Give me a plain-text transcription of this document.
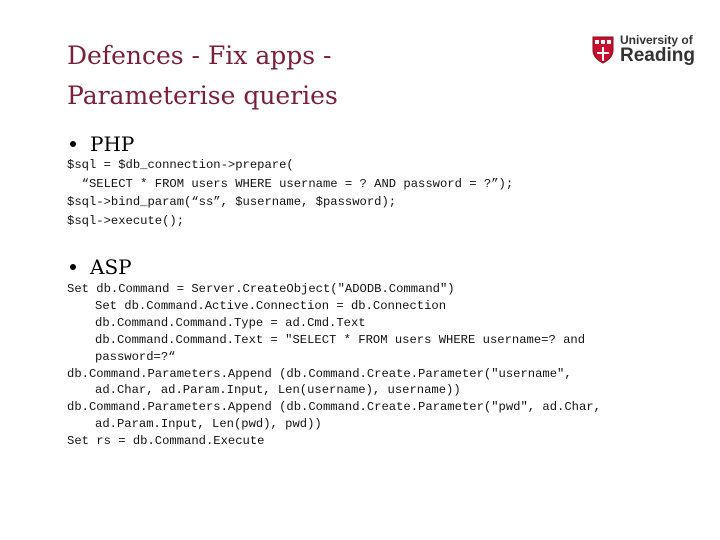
Defences - Fix apps -
Parameterise queries
University of
Reading
PHP
$sql = $db_connection->prepare(
“SELECT * FROM users WHERE username = ? AND password = ?”);
$sql->bind_param(“ss”, $username, $password);
$sql->execute();
ASP
Set db.Command = Server.CreateObject("ADODB.Command")
Set db.Command.Active.Connection = db.Connection
db.Command.Command.Type = ad.Cmd.Text
db.Command.Command.Text = "SELECT * FROM users WHERE username=? and
password=?“
db.Command.Parameters.Append (db.Command.Create.Parameter("username",
ad.Char, ad.Param.Input, Len(username), username))
db.Command.Parameters.Append (db.Command.Create.Parameter("pwd", ad.Char,
ad.Param.Input, Len(pwd), pwd))
Set rs = db.Command.Execute
